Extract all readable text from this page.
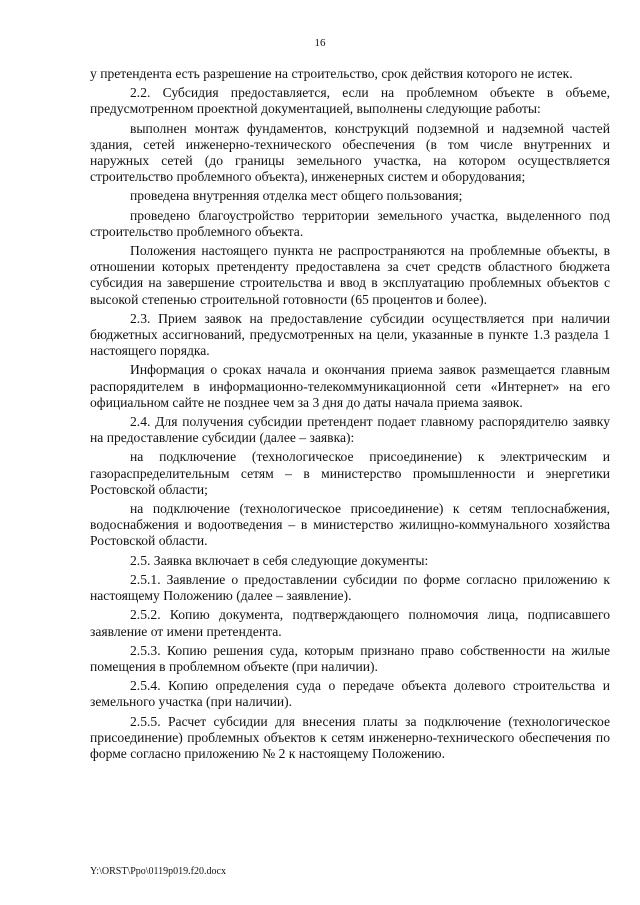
16

у претендента есть разрешение на строительство, срок действия которого не истек.

2.2. Субсидия предоставляется, если на проблемном объекте в объеме, предусмотренном проектной документацией, выполнены следующие работы:

выполнен монтаж фундаментов, конструкций подземной и надземной частей здания, сетей инженерно-технического обеспечения (в том числе внутренних и наружных сетей (до границы земельного участка, на котором осуществляется строительство проблемного объекта), инженерных систем и оборудования;

проведена внутренняя отделка мест общего пользования;

проведено благоустройство территории земельного участка, выделенного под строительство проблемного объекта.

Положения настоящего пункта не распространяются на проблемные объекты, в отношении которых претенденту предоставлена за счет средств областного бюджета субсидия на завершение строительства и ввод в эксплуатацию проблемных объектов с высокой степенью строительной готовности (65 процентов и более).

2.3. Прием заявок на предоставление субсидии осуществляется при наличии бюджетных ассигнований, предусмотренных на цели, указанные в пункте 1.3 раздела 1 настоящего порядка.

Информация о сроках начала и окончания приема заявок размещается главным распорядителем в информационно-телекоммуникационной сети «Интернет» на его официальном сайте не позднее чем за 3 дня до даты начала приема заявок.

2.4. Для получения субсидии претендент подает главному распорядителю заявку на предоставление субсидии (далее – заявка):

на подключение (технологическое присоединение) к электрическим и газораспределительным сетям – в министерство промышленности и энергетики Ростовской области;

на подключение (технологическое присоединение) к сетям теплоснабжения, водоснабжения и водоотведения – в министерство жилищно-коммунального хозяйства Ростовской области.

2.5. Заявка включает в себя следующие документы:

2.5.1. Заявление о предоставлении субсидии по форме согласно приложению к настоящему Положению (далее – заявление).

2.5.2. Копию документа, подтверждающего полномочия лица, подписавшего заявление от имени претендента.

2.5.3. Копию решения суда, которым признано право собственности на жилые помещения в проблемном объекте (при наличии).

2.5.4. Копию определения суда о передаче объекта долевого строительства и земельного участка (при наличии).

2.5.5. Расчет субсидии для внесения платы за подключение (технологическое присоединение) проблемных объектов к сетям инженерно-технического обеспечения по форме согласно приложению № 2 к настоящему Положению.

Y:\ORST\Ppo\0119p019.f20.docx
